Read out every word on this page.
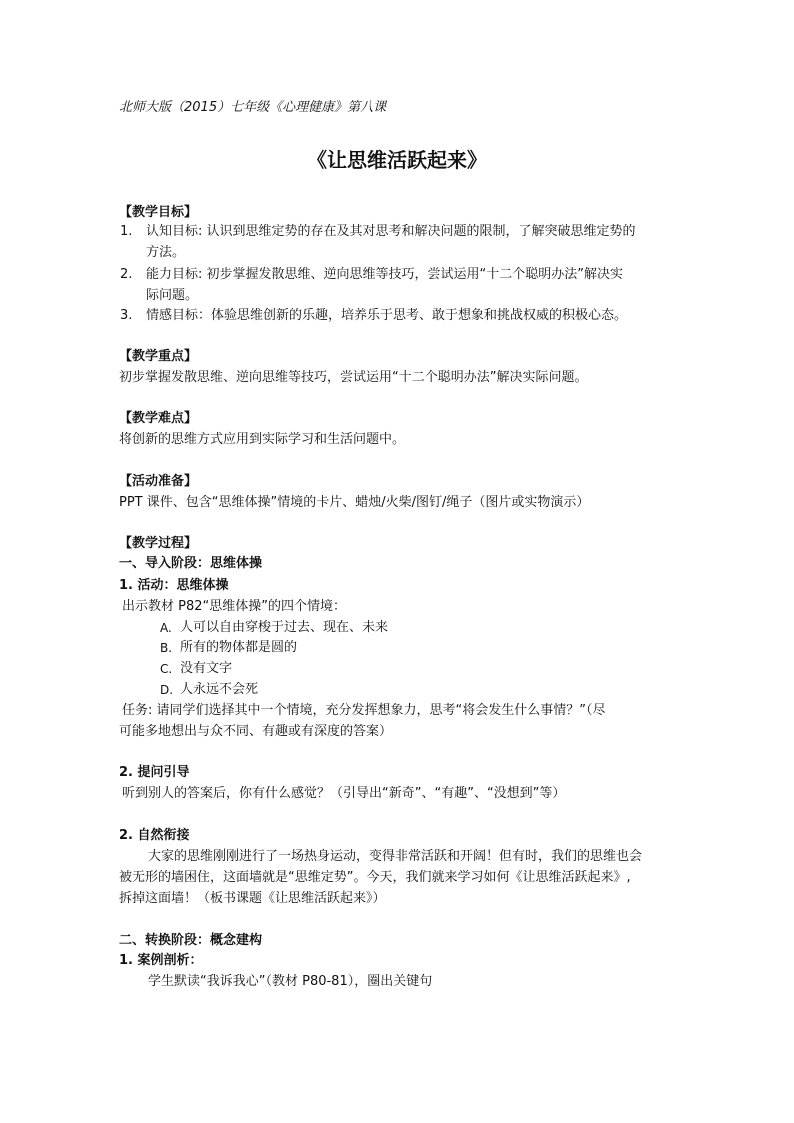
北师大版（2015）七年级《心理健康》第八课
《让思维活跃起来》
【教学目标】
1. 认知目标: 认识到思维定势的存在及其对思考和解决问题的限制，了解突破思维定势的
方法。
2. 能力目标: 初步掌握发散思维、逆向思维等技巧，尝试运用“十二个聪明办法”解决实
际问题。
3. 情感目标：体验思维创新的乐趣，培养乐于思考、敢于想象和挑战权威的积极心态。
【教学重点】
初步掌握发散思维、逆向思维等技巧，尝试运用“十二个聪明办法”解决实际问题。
【教学难点】
将创新的思维方式应用到实际学习和生活问题中。
【活动准备】
PPT 课件、包含“思维体操”情境的卡片、蜡烛/火柴/图钉/绳子（图片或实物演示）
【教学过程】
一、导入阶段：思维体操
1. 活动：思维体操
出示教材 P82“思维体操”的四个情境：
A. 人可以自由穿梭于过去、现在、未来
B. 所有的物体都是圆的
C. 没有文字
D. 人永远不会死
任务: 请同学们选择其中一个情境，充分发挥想象力，思考“将会发生什么事情？”（尽
可能多地想出与众不同、有趣或有深度的答案）
2. 提问引导
听到别人的答案后，你有什么感觉？（引导出“新奇”、“有趣”、“没想到”等）
2. 自然衔接
大家的思维刚刚进行了一场热身运动，变得非常活跃和开阔！但有时，我们的思维也会
被无形的墙困住，这面墙就是“思维定势”。今天，我们就来学习如何《让思维活跃起来》,
拆掉这面墙！（板书课题《让思维活跃起来》）
二、转换阶段：概念建构
1. 案例剖析：
学生默读“我诉我心”（教材 P80-81），圈出关键句
